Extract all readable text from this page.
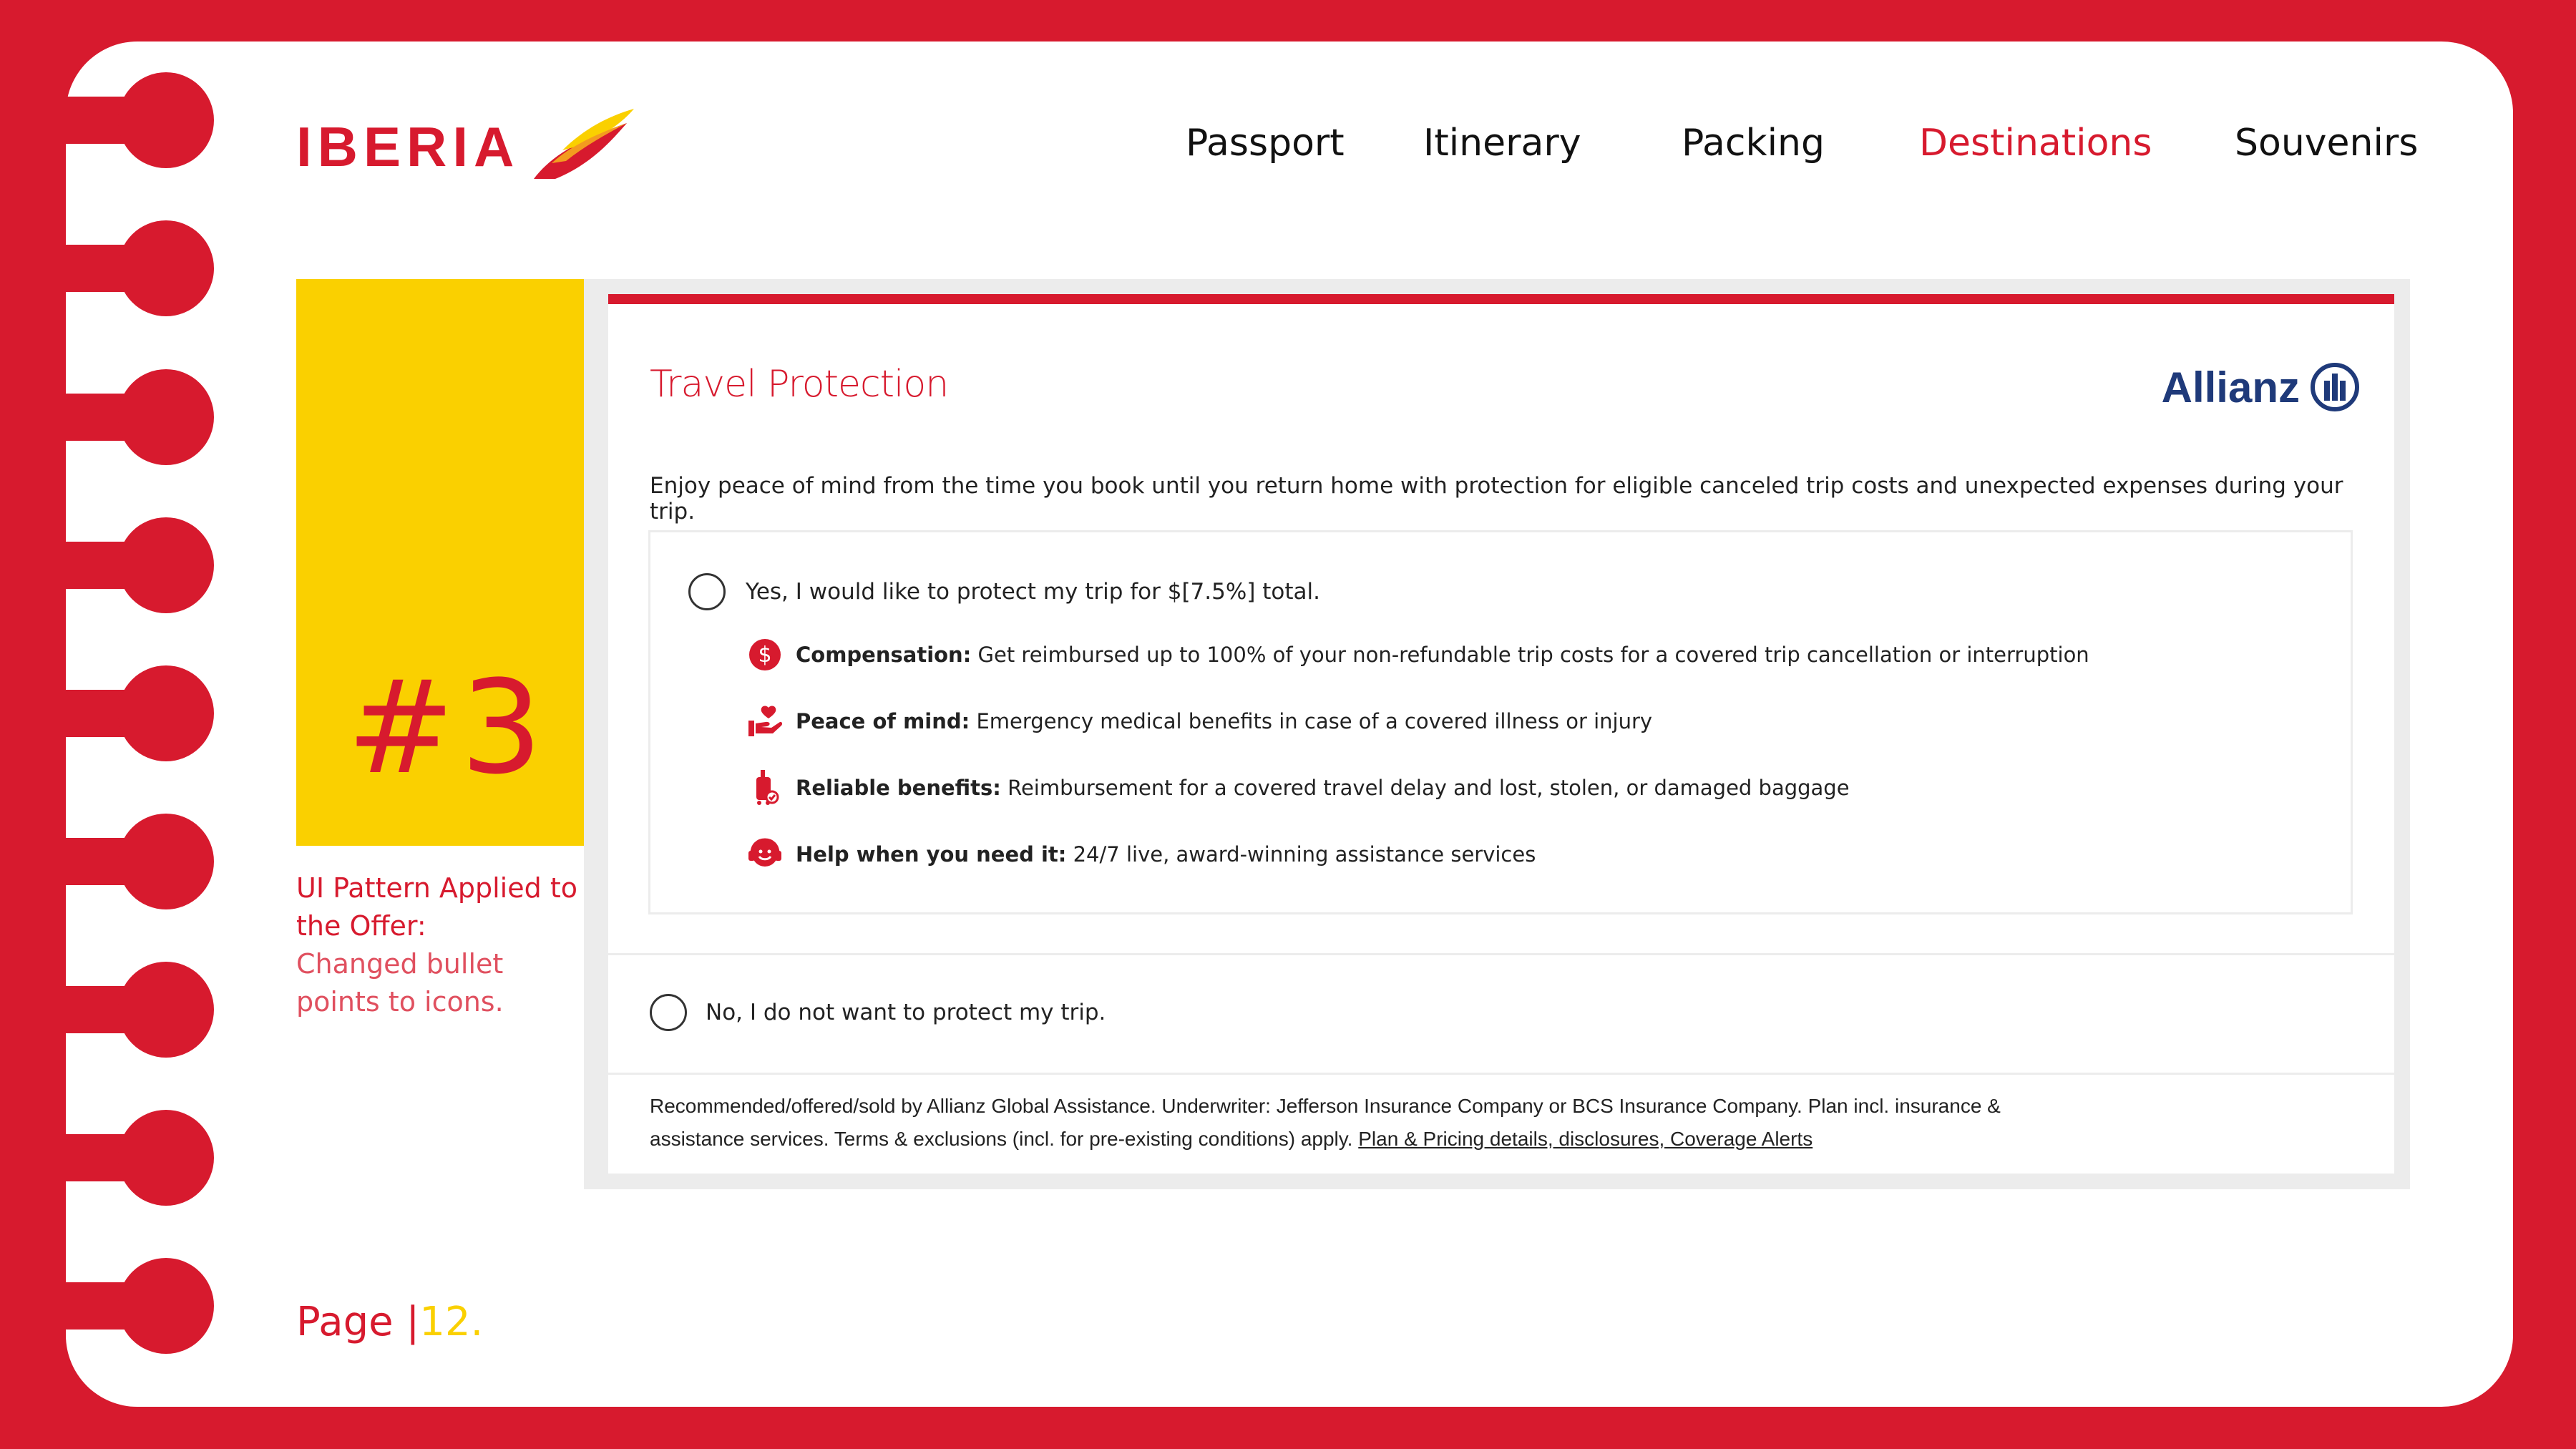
IBERIA	Passport Itinerary	Packing	Destinations Souvenirs
#3
UI Pattern Applied to the Offer:
Changed bullet points to icons.
Travel Protection	Allianz
Enjoy peace of mind from the time you book until you return home with protection for eligible canceled trip costs and unexpected expenses during your trip.
Yes, I would like to protect my trip for $[7.5%] total.
$ Compensation: Get reimbursed up to 100% of your non-refundable trip costs for a covered trip cancellation or interruption
Peace of mind: Emergency medical benefits in case of a covered illness or injury
Reliable benefits: Reimbursement for a covered travel delay and lost, stolen, or damaged baggage
Help when you need it: 24/7 live, award-winning assistance services
No, I do not want to protect my trip.
Recommended/offered/sold by Allianz Global Assistance. Underwriter: Jefferson Insurance Company or BCS Insurance Company. Plan incl. insurance &
assistance services. Terms & exclusions (incl. for pre-existing conditions) apply. Plan & Pricing details, disclosures, Coverage Alerts
Page |12.
